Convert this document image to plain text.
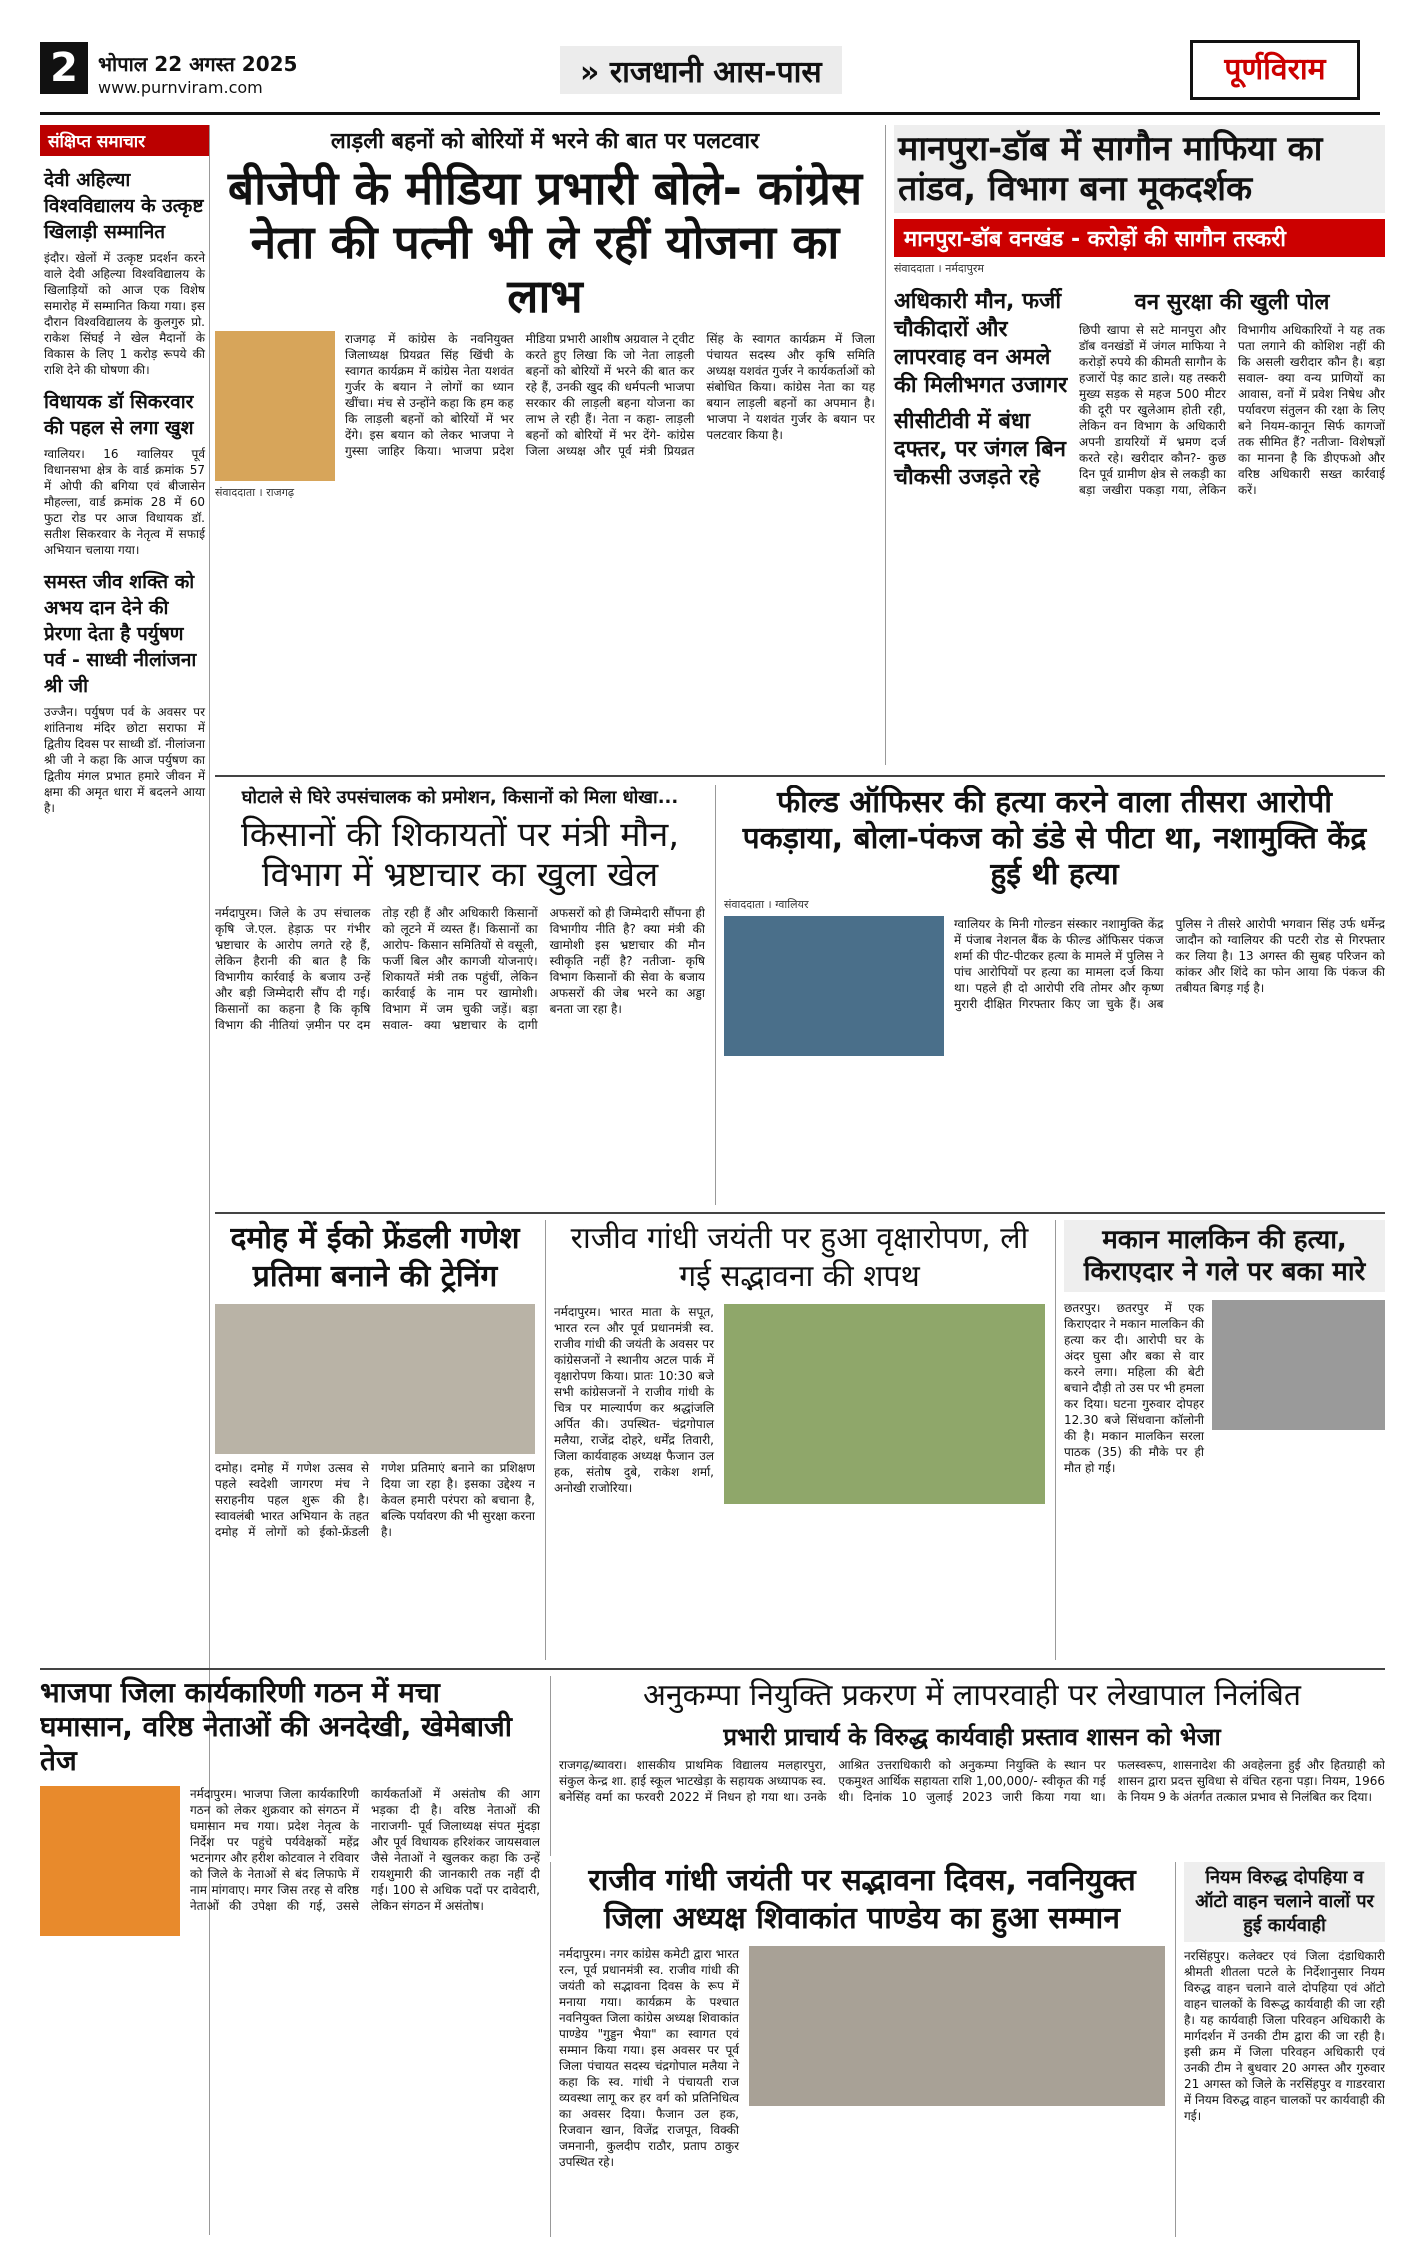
2	भोपाल 22 अगस्त 2025
www.purnviram.com	» राजधानी आस-पास	पूर्णविराम
संक्षिप्त समाचार
देवी अहिल्या विश्वविद्यालय के उत्कृष्ट खिलाड़ी सम्मानित
इंदौर। खेलों में उत्कृष्ट प्रदर्शन करने वाले देवी अहिल्या विश्वविद्यालय के खिलाड़ियों को आज एक विशेष समारोह में सम्मानित किया गया। इस दौरान विश्वविद्यालय के कुलगुरु प्रो. राकेश सिंघई ने खेल मैदानों के विकास के लिए 1 करोड़ रूपये की राशि देने की घोषणा की।
विधायक डॉ सिकरवार की पहल से लगा खुश
ग्वालियर। 16 ग्वालियर पूर्व विधानसभा क्षेत्र के वार्ड क्रमांक 57 में ओपी की बगिया एवं बीजासेन मौहल्ला, वार्ड क्रमांक 28 में 60 फुटा रोड पर आज विधायक डॉ. सतीश सिकरवार के नेतृत्व में सफाई अभियान चलाया गया।
समस्त जीव शक्ति को अभय दान देने की प्रेरणा देता है पर्युषण पर्व - साध्वी नीलांजना श्री जी
उज्जैन। पर्युषण पर्व के अवसर पर शांतिनाथ मंदिर छोटा सराफा में द्वितीय दिवस पर साध्वी डॉ. नीलांजना श्री जी ने कहा कि आज पर्युषण का द्वितीय मंगल प्रभात हमारे जीवन में क्षमा की अमृत धारा में बदलने आया है।
लाड़ली बहनों को बोरियों में भरने की बात पर पलटवार
बीजेपी के मीडिया प्रभारी बोले- कांग्रेस नेता की पत्नी भी ले रहीं योजना का लाभ
संवाददाता । राजगढ़
राजगढ़ में कांग्रेस के नवनियुक्त जिलाध्यक्ष प्रियव्रत सिंह खिंची के स्वागत कार्यक्रम में कांग्रेस नेता यशवंत गुर्जर के बयान ने लोगों का ध्यान खींचा। मंच से उन्होंने कहा कि हम कह कि लाड़ली बहनों को बोरियों में भर देंगे। इस बयान को लेकर भाजपा ने गुस्सा जाहिर किया। भाजपा प्रदेश मीडिया प्रभारी आशीष अग्रवाल ने ट्वीट करते हुए लिखा कि जो नेता लाड़ली बहनों को बोरियों में भरने की बात कर रहे हैं, उनकी खुद की धर्मपत्नी भाजपा सरकार की लाड़ली बहना योजना का लाभ ले रही हैं। नेता न कहा- लाड़ली बहनों को बोरियों में भर देंगे- कांग्रेस जिला अध्यक्ष और पूर्व मंत्री प्रियव्रत सिंह के स्वागत कार्यक्रम में जिला पंचायत सदस्य और कृषि समिति अध्यक्ष यशवंत गुर्जर ने कार्यकर्ताओं को संबोधित किया। कांग्रेस नेता का यह बयान लाड़ली बहनों का अपमान है। भाजपा ने यशवंत गुर्जर के बयान पर पलटवार किया है।
मानपुरा-डॉब में सागौन माफिया का तांडव, विभाग बना मूकदर्शक
मानपुरा-डॉब वनखंड - करोड़ों की सागौन तस्करी
संवाददाता । नर्मदापुरम
अधिकारी मौन, फर्जी चौकीदारों और लापरवाह वन अमले की मिलीभगत उजागर
सीसीटीवी में बंधा दफ्तर, पर जंगल बिन चौकसी उजड़ते रहे
वन सुरक्षा की खुली पोल
छिपी खापा से सटे मानपुरा और डॉब वनखंडों में जंगल माफिया ने करोड़ों रुपये की कीमती सागौन के हजारों पेड़ काट डाले। यह तस्करी मुख्य सड़क से महज 500 मीटर की दूरी पर खुलेआम होती रही, लेकिन वन विभाग के अधिकारी अपनी डायरियों में भ्रमण दर्ज करते रहे। खरीदार कौन?- कुछ दिन पूर्व ग्रामीण क्षेत्र से लकड़ी का बड़ा जखीरा पकड़ा गया, लेकिन विभागीय अधिकारियों ने यह तक पता लगाने की कोशिश नहीं की कि असली खरीदार कौन है। बड़ा सवाल- क्या वन्य प्राणियों का आवास, वनों में प्रवेश निषेध और पर्यावरण संतुलन की रक्षा के लिए बने नियम-कानून सिर्फ कागजों तक सीमित हैं? नतीजा- विशेषज्ञों का मानना है कि डीएफओ और वरिष्ठ अधिकारी सख्त कार्रवाई करें।
घोटाले से घिरे उपसंचालक को प्रमोशन, किसानों को मिला धोखा...
किसानों की शिकायतों पर मंत्री मौन, विभाग में भ्रष्टाचार का खुला खेल
नर्मदापुरम। जिले के उप संचालक कृषि जे.एल. हेड़ाऊ पर गंभीर भ्रष्टाचार के आरोप लगते रहे हैं, लेकिन हैरानी की बात है कि विभागीय कार्रवाई के बजाय उन्हें और बड़ी जिम्मेदारी सौंप दी गई। किसानों का कहना है कि कृषि विभाग की नीतियां ज़मीन पर दम तोड़ रही हैं और अधिकारी किसानों को लूटने में व्यस्त हैं। किसानों का आरोप- किसान समितियों से वसूली, फर्जी बिल और कागजी योजनाएं। शिकायतें मंत्री तक पहुंचीं, लेकिन कार्रवाई के नाम पर खामोशी। विभाग में जम चुकी जड़ें। बड़ा सवाल- क्या भ्रष्टाचार के दागी अफसरों को ही जिम्मेदारी सौंपना ही विभागीय नीति है? क्या मंत्री की खामोशी इस भ्रष्टाचार की मौन स्वीकृति नहीं है? नतीजा- कृषि विभाग किसानों की सेवा के बजाय अफसरों की जेब भरने का अड्डा बनता जा रहा है।
फील्ड ऑफिसर की हत्या करने वाला तीसरा आरोपी पकड़ाया, बोला-पंकज को डंडे से पीटा था, नशामुक्ति केंद्र हुई थी हत्या
संवाददाता । ग्वालियर
ग्वालियर के मिनी गोल्डन संस्कार नशामुक्ति केंद्र में पंजाब नेशनल बैंक के फील्ड ऑफिसर पंकज शर्मा की पीट-पीटकर हत्या के मामले में पुलिस ने पांच आरोपियों पर हत्या का मामला दर्ज किया था। पहले ही दो आरोपी रवि तोमर और कृष्ण मुरारी दीक्षित गिरफ्तार किए जा चुके हैं। अब पुलिस ने तीसरे आरोपी भगवान सिंह उर्फ धर्मेन्द्र जादौन को ग्वालियर की पटरी रोड से गिरफ्तार कर लिया है। 13 अगस्त की सुबह परिजन को कांकर और शिंदे का फोन आया कि पंकज की तबीयत बिगड़ गई है।
दमोह में ईको फ्रेंडली गणेश प्रतिमा बनाने की ट्रेनिंग
दमोह। दमोह में गणेश उत्सव से पहले स्वदेशी जागरण मंच ने सराहनीय पहल शुरू की है। स्वावलंबी भारत अभियान के तहत दमोह में लोगों को ईको-फ्रेंडली गणेश प्रतिमाएं बनाने का प्रशिक्षण दिया जा रहा है। इसका उद्देश्य न केवल हमारी परंपरा को बचाना है, बल्कि पर्यावरण की भी सुरक्षा करना है।
राजीव गांधी जयंती पर हुआ वृक्षारोपण, ली गई सद्भावना की शपथ
नर्मदापुरम। भारत माता के सपूत, भारत रत्न और पूर्व प्रधानमंत्री स्व. राजीव गांधी की जयंती के अवसर पर कांग्रेसजनों ने स्थानीय अटल पार्क में वृक्षारोपण किया। प्रातः 10:30 बजे सभी कांग्रेसजनों ने राजीव गांधी के चित्र पर माल्यार्पण कर श्रद्धांजलि अर्पित की। उपस्थित- चंद्रगोपाल मलैया, राजेंद्र दोहरे, धर्मेंद्र तिवारी, जिला कार्यवाहक अध्यक्ष फैजान उल हक, संतोष दुबे, राकेश शर्मा, अनोखी राजोरिया।
मकान मालकिन की हत्या, किराएदार ने गले पर बका मारे
छतरपुर। छतरपुर में एक किराएदार ने मकान मालकिन की हत्या कर दी। आरोपी घर के अंदर घुसा और बका से वार करने लगा। महिला की बेटी बचाने दौड़ी तो उस पर भी हमला कर दिया। घटना गुरुवार दोपहर 12.30 बजे सिंधवाना कॉलोनी की है। मकान मालकिन सरला पाठक (35) की मौके पर ही मौत हो गई।
भाजपा जिला कार्यकारिणी गठन में मचा घमासान, वरिष्ठ नेताओं की अनदेखी, खेमेबाजी तेज
नर्मदापुरम। भाजपा जिला कार्यकारिणी गठन को लेकर शुक्रवार को संगठन में घमासान मच गया। प्रदेश नेतृत्व के निर्देश पर पहुंचे पर्यवेक्षकों महेंद्र भटनागर और हरीश कोटवाल ने रविवार को जिले के नेताओं से बंद लिफाफे में नाम मांगवाए। मगर जिस तरह से वरिष्ठ नेताओं की उपेक्षा की गई, उससे कार्यकर्ताओं में असंतोष की आग भड़का दी है। वरिष्ठ नेताओं की नाराजगी- पूर्व जिलाध्यक्ष संपत मुंदड़ा और पूर्व विधायक हरिशंकर जायसवाल जैसे नेताओं ने खुलकर कहा कि उन्हें रायशुमारी की जानकारी तक नहीं दी गई। 100 से अधिक पदों पर दावेदारी, लेकिन संगठन में असंतोष।
अनुकम्पा नियुक्ति प्रकरण में लापरवाही पर लेखापाल निलंबित
प्रभारी प्राचार्य के विरुद्ध कार्यवाही प्रस्ताव शासन को भेजा
राजगढ़/ब्यावरा। शासकीय प्राथमिक विद्यालय मलहारपुरा, संकुल केन्द्र शा. हाई स्कूल भाटखेड़ा के सहायक अध्यापक स्व. बनेसिंह वर्मा का फरवरी 2022 में निधन हो गया था। उनके आश्रित उत्तराधिकारी को अनुकम्पा नियुक्ति के स्थान पर एकमुश्त आर्थिक सहायता राशि 1,00,000/- स्वीकृत की गई थी। दिनांक 10 जुलाई 2023 जारी किया गया था। फलस्वरूप, शासनादेश की अवहेलना हुई और हितग्राही को शासन द्वारा प्रदत्त सुविधा से वंचित रहना पड़ा। नियम, 1966 के नियम 9 के अंतर्गत तत्काल प्रभाव से निलंबित कर दिया।
राजीव गांधी जयंती पर सद्भावना दिवस, नवनियुक्त जिला अध्यक्ष शिवाकांत पाण्डेय का हुआ सम्मान
नर्मदापुरम। नगर कांग्रेस कमेटी द्वारा भारत रत्न, पूर्व प्रधानमंत्री स्व. राजीव गांधी की जयंती को सद्भावना दिवस के रूप में मनाया गया। कार्यक्रम के पश्चात नवनियुक्त जिला कांग्रेस अध्यक्ष शिवाकांत पाण्डेय "गुड्डन भैया" का स्वागत एवं सम्मान किया गया। इस अवसर पर पूर्व जिला पंचायत सदस्य चंद्रगोपाल मलैया ने कहा कि स्व. गांधी ने पंचायती राज व्यवस्था लागू कर हर वर्ग को प्रतिनिधित्व का अवसर दिया। फैजान उल हक, रिजवान खान, विजेंद्र राजपूत, विक्की जमनानी, कुलदीप राठौर, प्रताप ठाकुर उपस्थित रहे।
नियम विरुद्ध दोपहिया व ऑटो वाहन चलाने वालों पर हुई कार्यवाही
नरसिंहपुर। कलेक्टर एवं जिला दंडाधिकारी श्रीमती शीतला पटले के निर्देशानुसार नियम विरुद्ध वाहन चलाने वाले दोपहिया एवं ऑटो वाहन चालकों के विरूद्ध कार्यवाही की जा रही है। यह कार्यवाही जिला परिवहन अधिकारी के मार्गदर्शन में उनकी टीम द्वारा की जा रही है। इसी क्रम में जिला परिवहन अधिकारी एवं उनकी टीम ने बुधवार 20 अगस्त और गुरुवार 21 अगस्त को जिले के नरसिंहपुर व गाडरवारा में नियम विरुद्ध वाहन चालकों पर कार्यवाही की गई।
